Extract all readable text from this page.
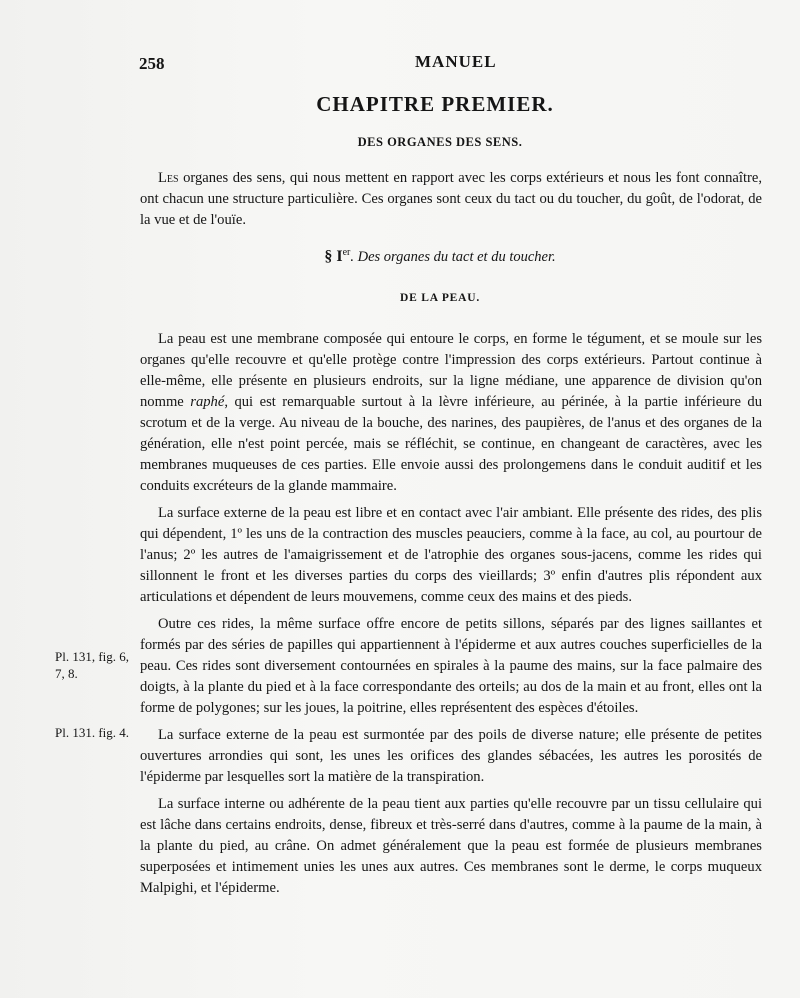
258	MANUEL
CHAPITRE PREMIER.
DES ORGANES DES SENS.

Les organes des sens, qui nous mettent en rapport avec les corps extérieurs et nous les font connaître, ont chacun une structure particulière. Ces organes sont ceux du tact ou du toucher, du goût, de l'odorat, de la vue et de l'ouïe.

§ Ier. Des organes du tact et du toucher.
DE LA PEAU.

La peau est une membrane composée qui entoure le corps, en forme le tégument, et se moule sur les organes qu'elle recouvre et qu'elle protège contre l'impression des corps extérieurs. Partout continue à elle-même, elle présente en plusieurs endroits, sur la ligne médiane, une apparence de division qu'on nomme raphé, qui est remarquable surtout à la lèvre inférieure, au périnée, à la partie inférieure du scrotum et de la verge. Au niveau de la bouche, des narines, des paupières, de l'anus et des organes de la génération, elle n'est point percée, mais se réfléchit, se continue, en changeant de caractères, avec les membranes muqueuses de ces parties. Elle envoie aussi des prolongemens dans le conduit auditif et les conduits excréteurs de la glande mammaire.

La surface externe de la peau est libre et en contact avec l'air ambiant. Elle présente des rides, des plis qui dépendent, 1º les uns de la contraction des muscles peauciers, comme à la face, au col, au pourtour de l'anus; 2º les autres de l'amaigrissement et de l'atrophie des organes sous-jacens, comme les rides qui sillonnent le front et les diverses parties du corps des vieillards; 3º enfin d'autres plis répondent aux articulations et dépendent de leurs mouvemens, comme ceux des mains et des pieds.

Outre ces rides, la même surface offre encore de petits sillons, séparés par des lignes saillantes et formés par des séries de papilles qui appartiennent à l'épiderme et aux autres couches superficielles de la peau. Ces rides sont diversement contournées en spirales à la paume des mains, sur la face palmaire des doigts, à la plante du pied et à la face correspondante des orteils; au dos de la main et au front, elles ont la forme de polygones; sur les joues, la poitrine, elles représentent des espèces d'étoiles.

La surface externe de la peau est surmontée par des poils de diverse nature; elle présente de petites ouvertures arrondies qui sont, les unes les orifices des glandes sébacées, les autres les porosités de l'épiderme par lesquelles sort la matière de la transpiration.

La surface interne ou adhérente de la peau tient aux parties qu'elle recouvre par un tissu cellulaire qui est lâche dans certains endroits, dense, fibreux et très-serré dans d'autres, comme à la paume de la main, à la plante du pied, au crâne. On admet généralement que la peau est formée de plusieurs membranes superposées et intimement unies les unes aux autres. Ces membranes sont le derme, le corps muqueux Malpighi, et l'épiderme.

Pl. 131, fig. 6, 7, 8.
Pl. 131. fig. 4.
